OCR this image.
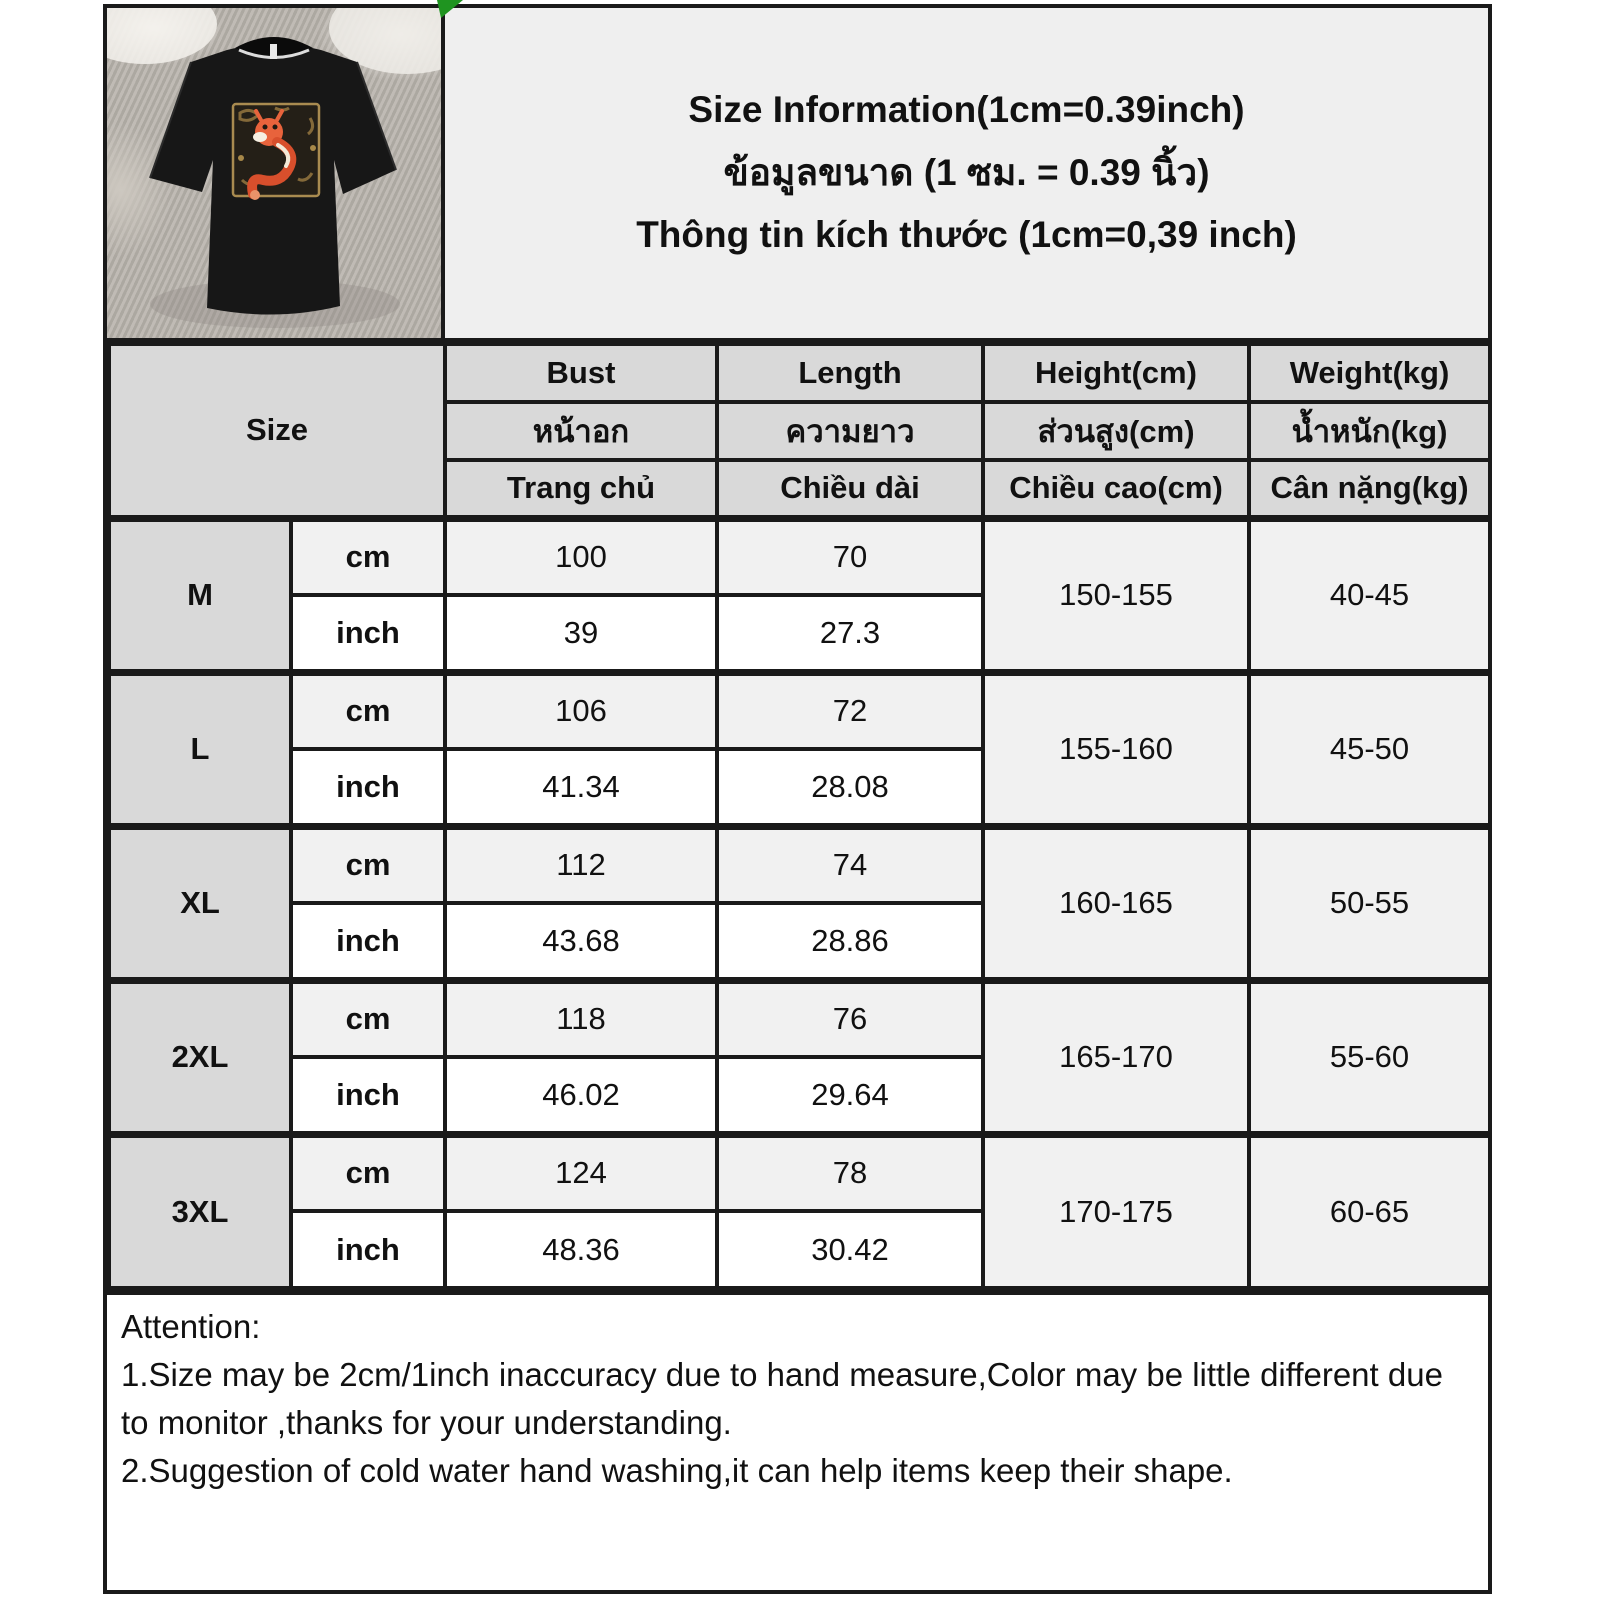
Size Information(1cm=0.39inch)
ข้อมูลขนาด (1 ซม. = 0.39 นิ้ว)
Thông tin kích thước (1cm=0,39 inch)
Size		Bust	Length	Height(cm)	Weight(kg)
		หน้าอก	ความยาว	ส่วนสูง(cm)	น้ำหนัก(kg)
		Trang chủ	Chiều dài	Chiều cao(cm)	Cân nặng(kg)
M	cm	100	70	150-155	40-45
	inch	39	27.3		
L	cm	106	72	155-160	45-50
	inch	41.34	28.08		
XL	cm	112	74	160-165	50-55
	inch	43.68	28.86		
2XL	cm	118	76	165-170	55-60
	inch	46.02	29.64		
3XL	cm	124	78	170-175	60-65
	inch	48.36	30.42		
Attention:
1.Size may be 2cm/1inch inaccuracy due to hand measure,Color may be little different due to monitor ,thanks for your understanding.
2.Suggestion of cold water hand washing,it can help items keep their shape.
